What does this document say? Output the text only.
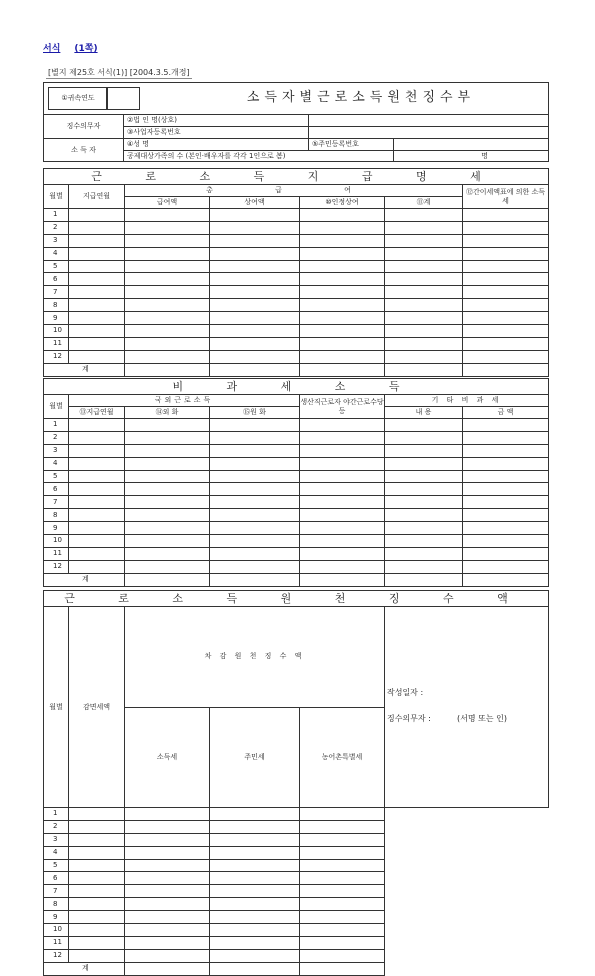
서식 (1쪽)
[별지 제25호 서식(1)] [2004.3.5.개정]
①귀속연도 소득자별근로소득원천징수부			

징수의무자	②법 인 명(상호)		
	③사업자등록번호		
소 득 자	④성 명	⑤주민등록번호	
	공제대상가족의 수 (본인·배우자를 각각 1인으로 봄)		명
근 로 소 득 지 급 명 세						
월별	지급연월	총 급 여				⑫간이세액표에 의한 소득세
		급여액	상여액	⑩인정상여	⑪계	
1						
2						
3						
4						
5						
6						
7						
8						
9						
10						
11						
12						
계						
비 과 세 소 득						
월별	국외근로소득			생산직근로자 야간근로수당등	기 타 비 과 세	
	⑬지급연월	⑭외 화	⑮원 화		내 용	금 액
1						
2						
3						
4						
5						
6						
7						
8						
9						
10						
11						
12						
계						
근 로 소 득 원 천 징 수 액					
월별	감면세액	차 감 원 천 징 수 액			작성일자 :
징수의무자 : (서명 또는 인)

		소득세	주민세	농어촌특별세	
1					
2					
3					
4					
5					
6					
7					
8					
9					
10					
11					
12					
계					
